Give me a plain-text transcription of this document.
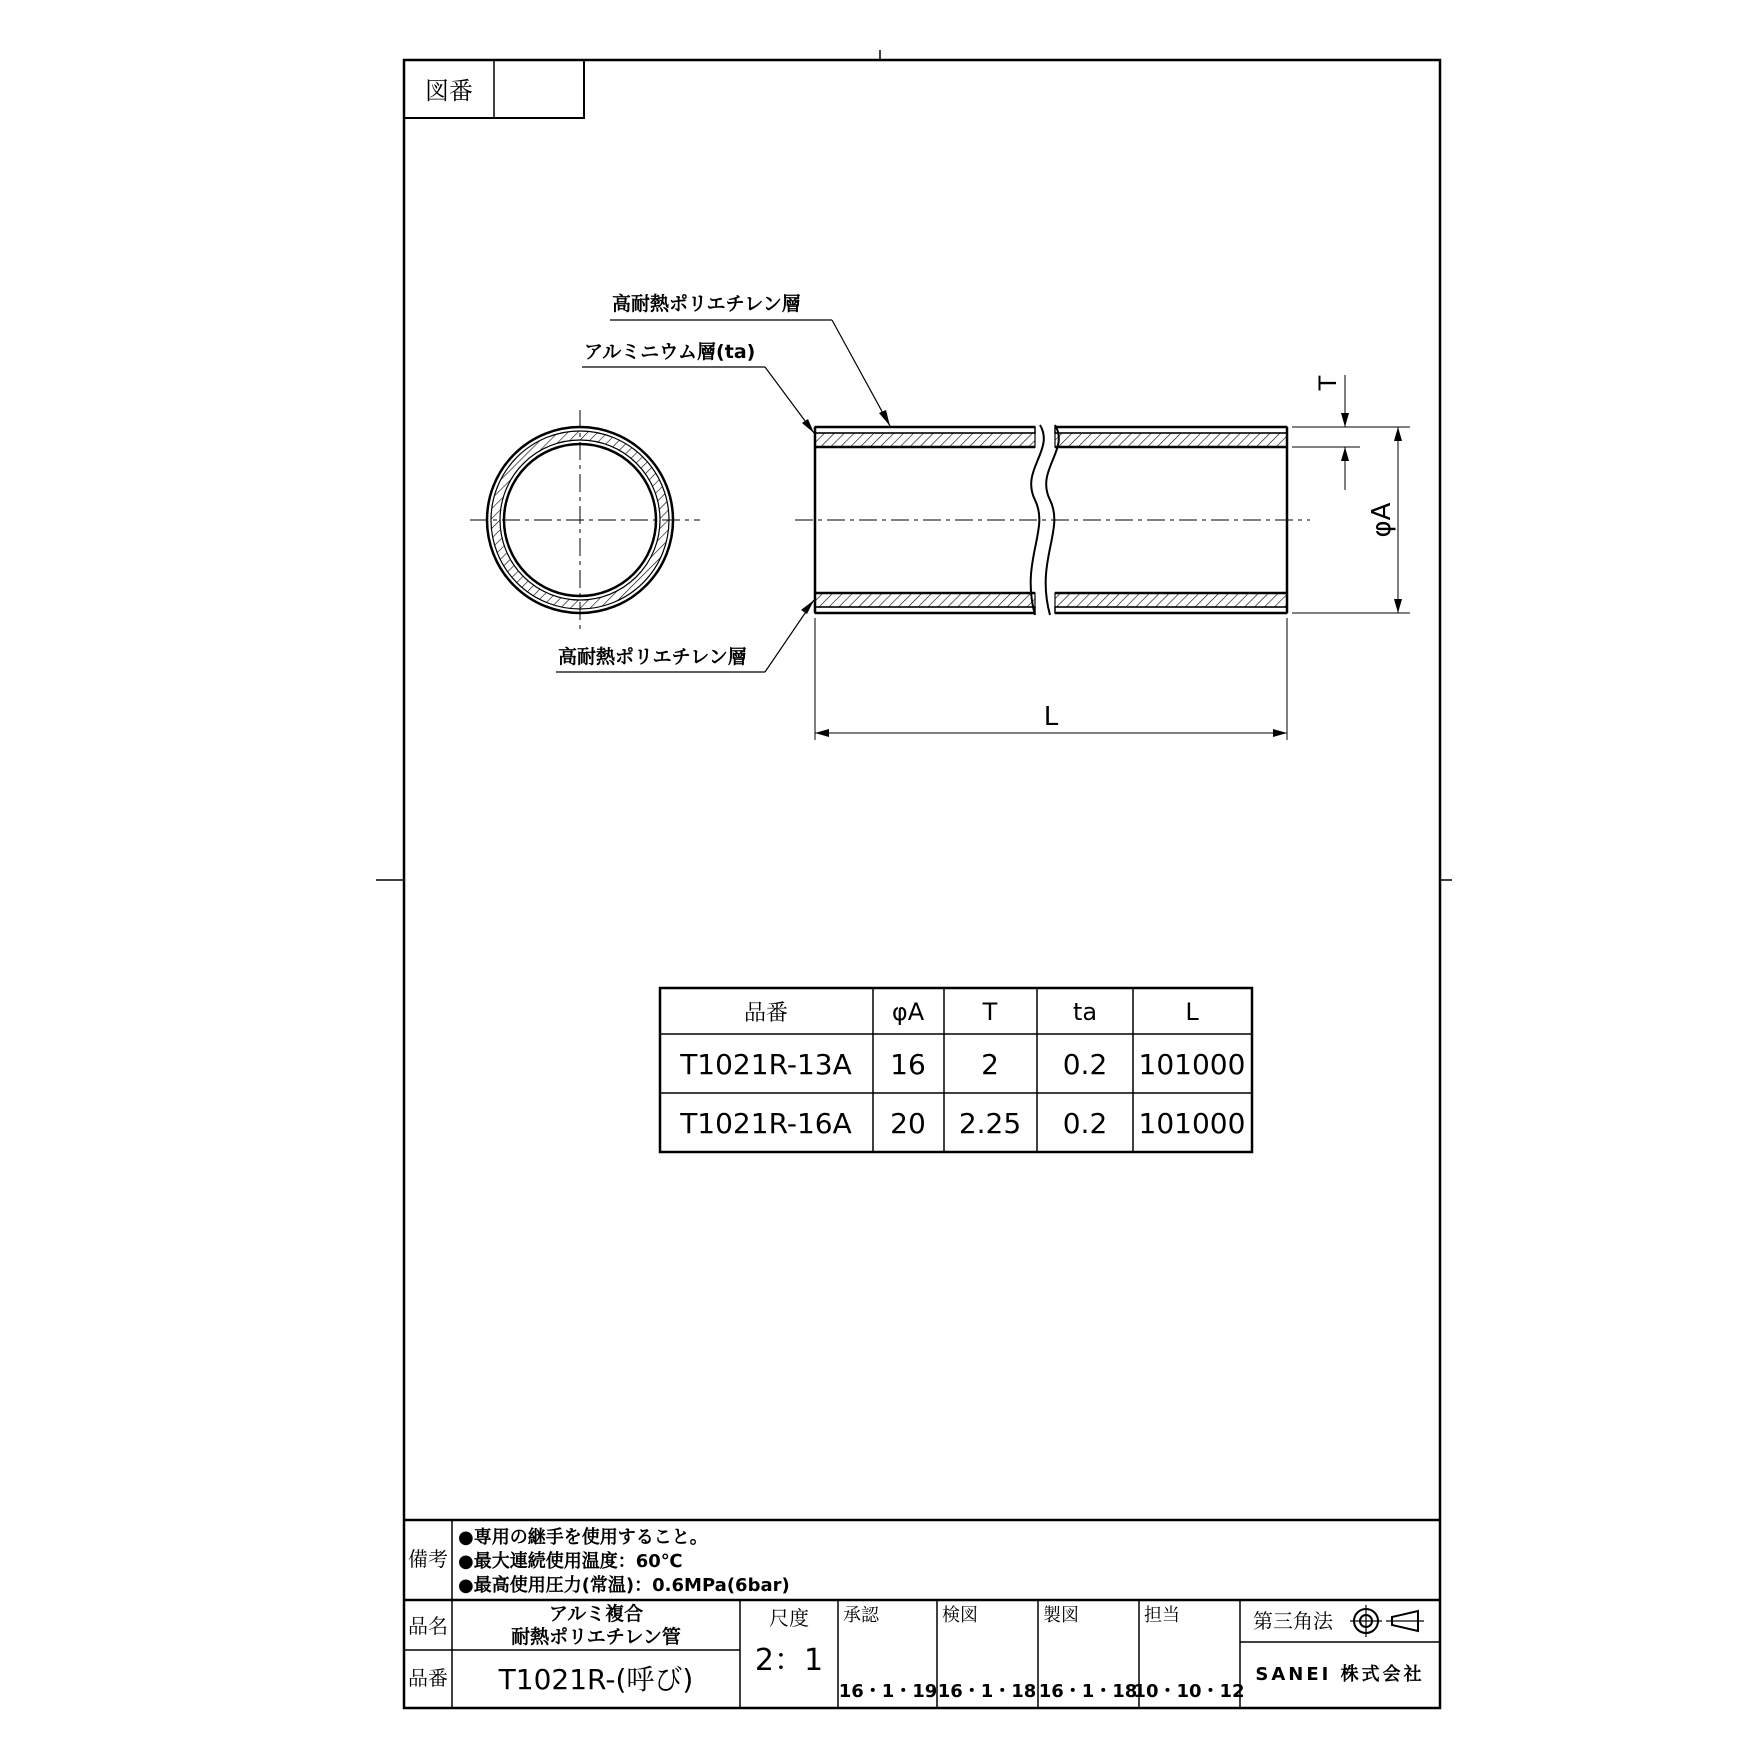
図番
高耐熱ポリエチレン層
アルミニウム層(ta)
高耐熱ポリエチレン層
T
φA
L
品番	φA T	ta	L
T1021R-13A 16 2 0.2 101000
T1021R-16A 20 2.25 0.2 101000
備考
●専用の継手を使用すること。
●最大連続使用温度：60℃
●最高使用圧力(常温)：0.6MPa(6bar)
品名	アルミ複合
耐熱ポリエチレン管
品番 T1021R-(呼び)
尺度
2：1
承認
16・1・19
検図
16・1・18
製図
16・1・18
担当
10・10・12
第三角法
SANEI 株式会社
